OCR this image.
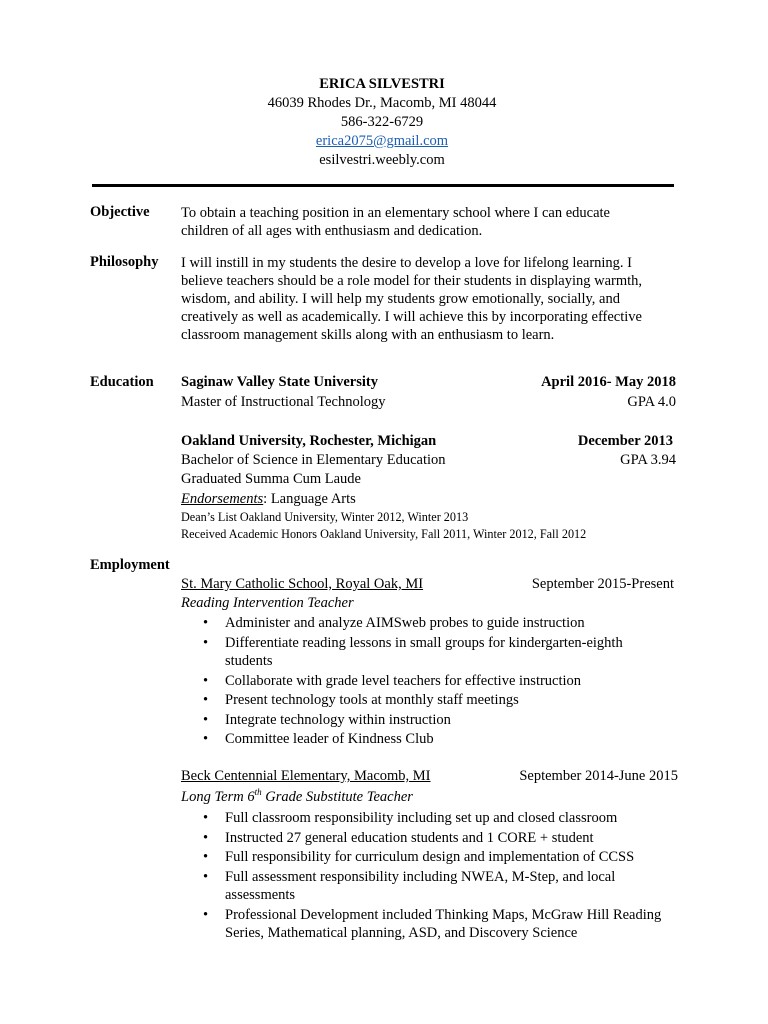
ERICA SILVESTRI
46039 Rhodes Dr., Macomb, MI 48044
586-322-6729
erica2075@gmail.com
esilvestri.weebly.com
Objective To obtain a teaching position in an elementary school where I can educate children of all ages with enthusiasm and dedication.
Philosophy I will instill in my students the desire to develop a love for lifelong learning. I believe teachers should be a role model for their students in displaying warmth, wisdom, and ability. I will help my students grow emotionally, socially, and creatively as well as academically. I will achieve this by incorporating effective classroom management skills along with an enthusiasm to learn.
Education Saginaw Valley State University	April 2016- May 2018
Master of Instructional Technology	GPA 4.0
Oakland University, Rochester, Michigan	December 2013
Bachelor of Science in Elementary Education	GPA 3.94
Graduated Summa Cum Laude
Endorsements: Language Arts
Dean’s List Oakland University, Winter 2012, Winter 2013
Received Academic Honors Oakland University, Fall 2011, Winter 2012, Fall 2012
Employment
St. Mary Catholic School, Royal Oak, MI	September 2015-Present
Reading Intervention Teacher
• Administer and analyze AIMSweb probes to guide instruction
• Differentiate reading lessons in small groups for kindergarten-eighth students
• Collaborate with grade level teachers for effective instruction
• Present technology tools at monthly staff meetings
• Integrate technology within instruction
• Committee leader of Kindness Club
Beck Centennial Elementary, Macomb, MI	September 2014-June 2015
Long Term 6th Grade Substitute Teacher
• Full classroom responsibility including set up and closed classroom
• Instructed 27 general education students and 1 CORE + student
• Full responsibility for curriculum design and implementation of CCSS
• Full assessment responsibility including NWEA, M-Step, and local assessments
• Professional Development included Thinking Maps, McGraw Hill Reading Series, Mathematical planning, ASD, and Discovery Science
